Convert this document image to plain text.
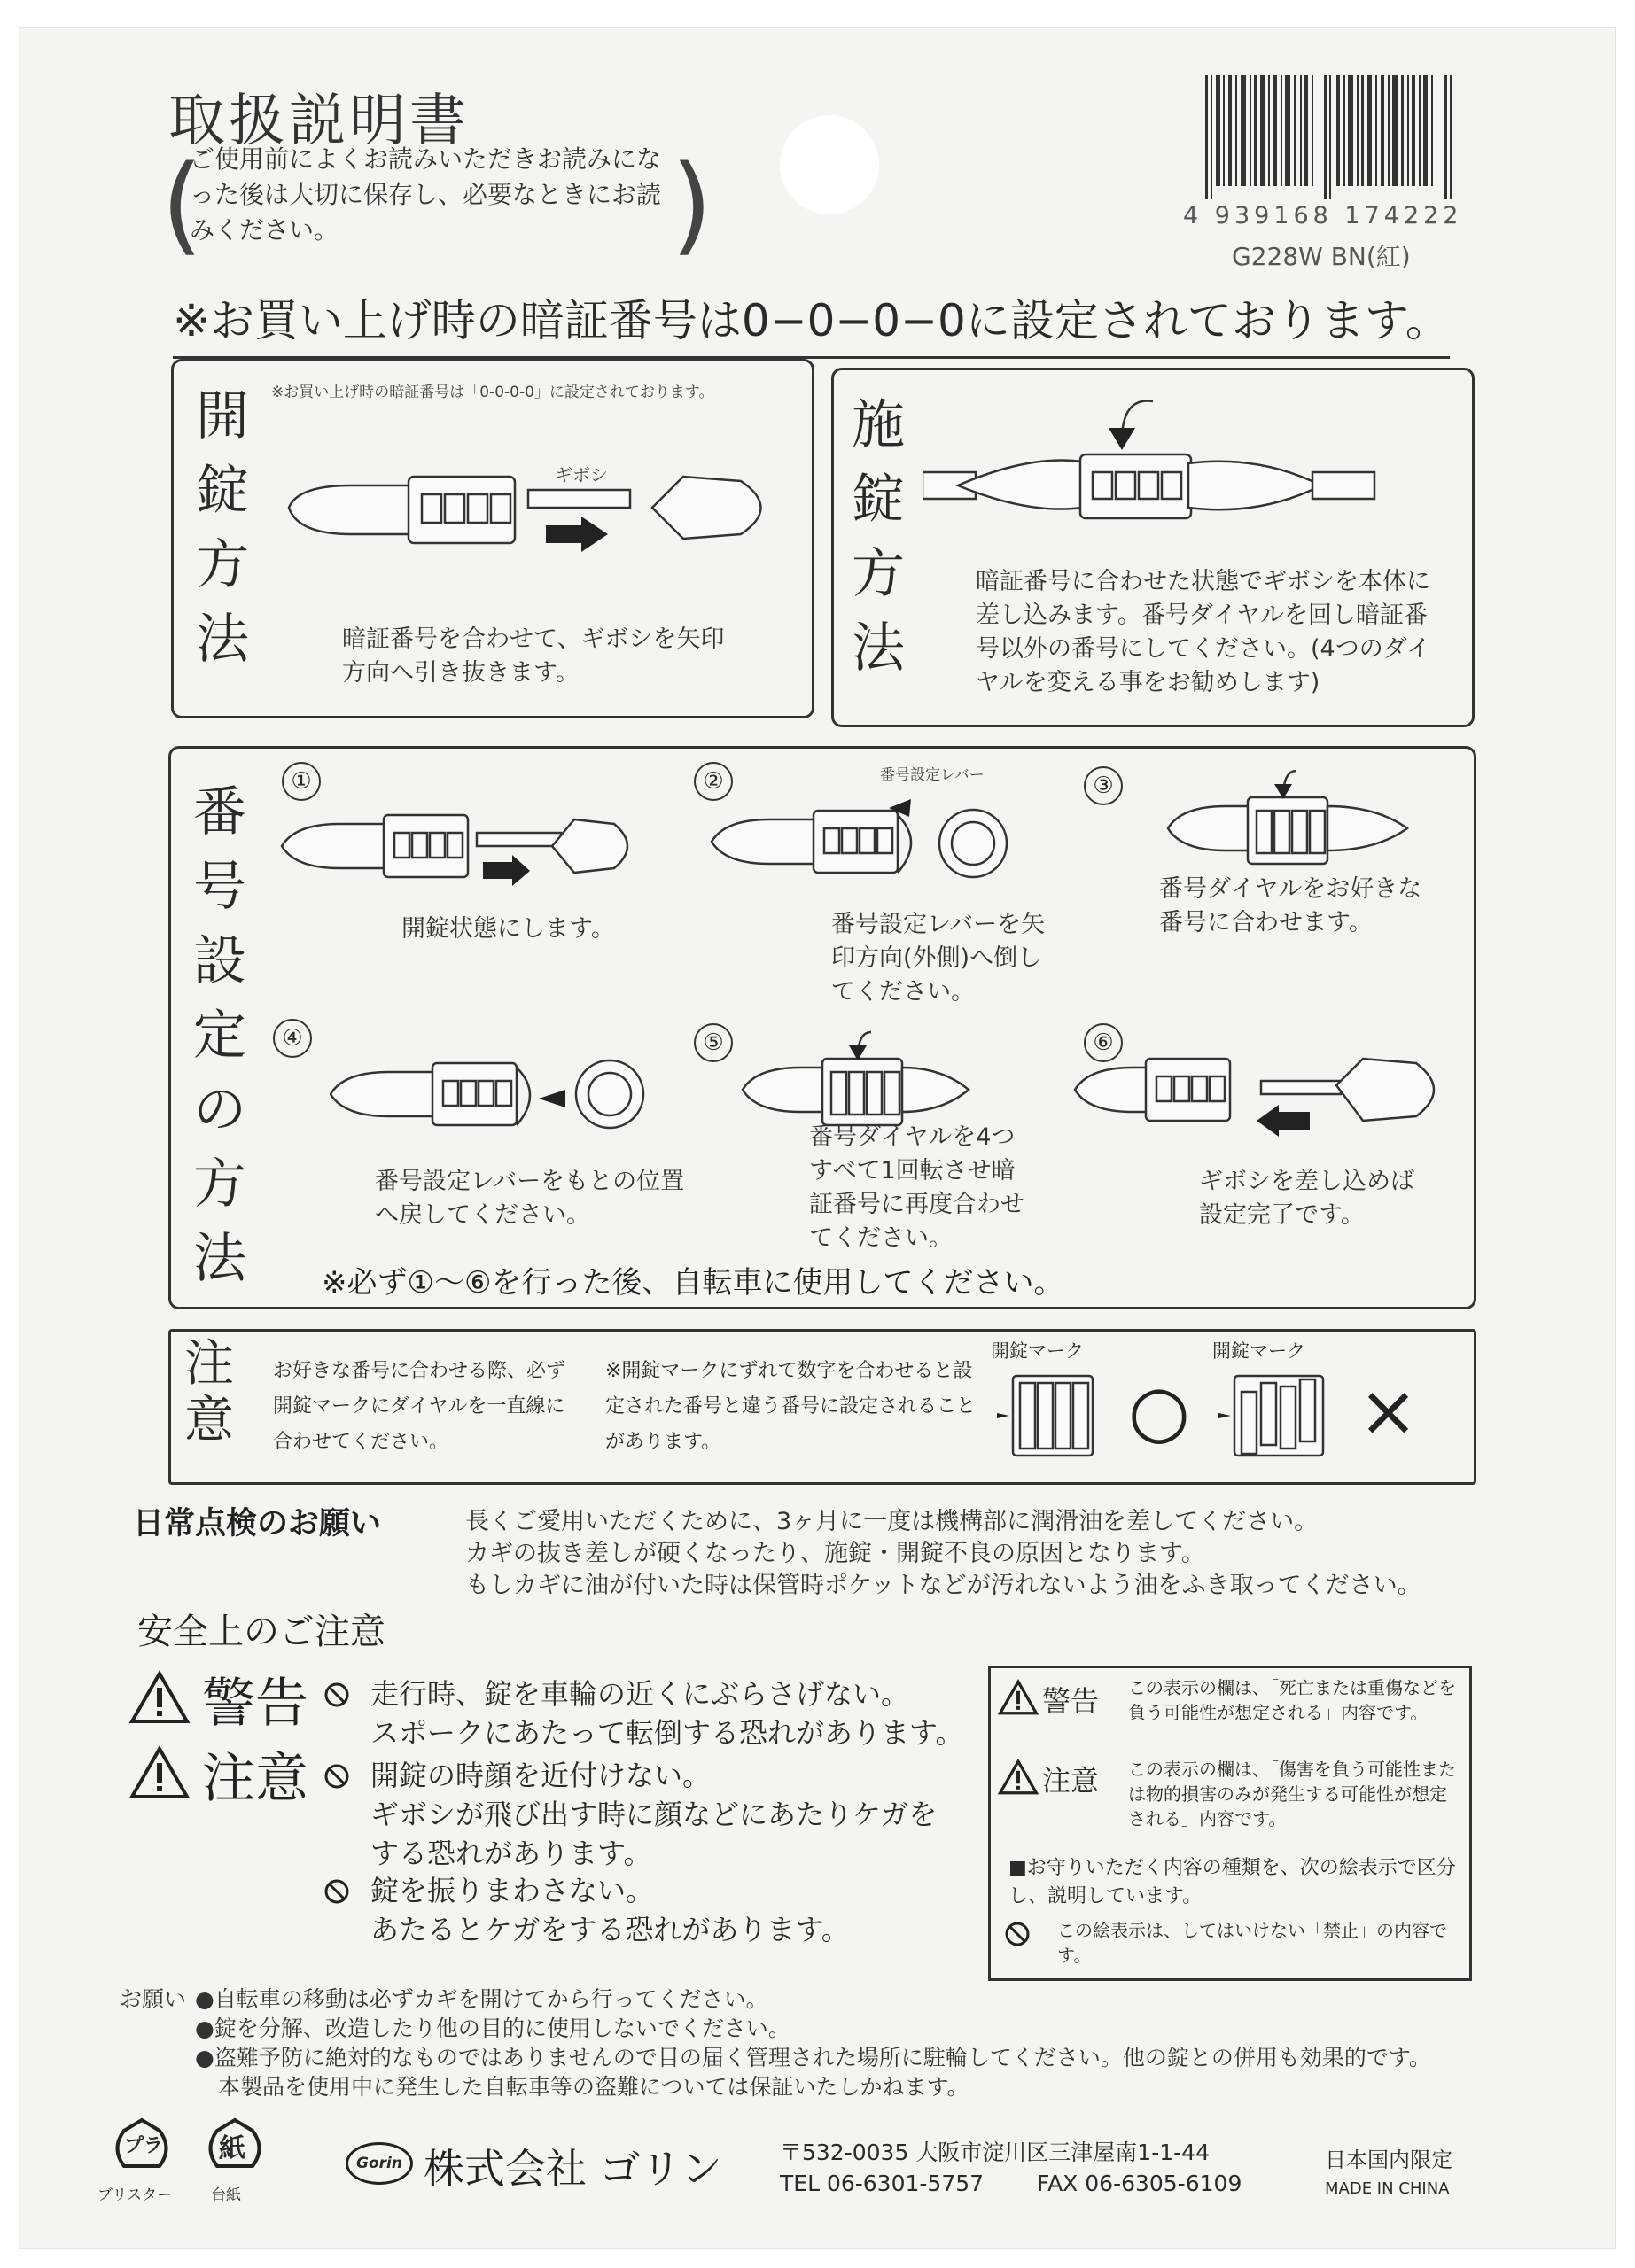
取扱説明書
(
ご使用前によくお読みいただきお読みになった後は大切に保存し、必要なときにお読みください。	)	4 939168 174222
G228W BN(紅)
※お買い上げ時の暗証番号は0−0−0−0に設定されております。
開錠方法
※お買い上げ時の暗証番号は「0-0-0-0」に設定されております。
ギボシ
暗証番号を合わせて、ギボシを矢印方向へ引き抜きます。
施錠方法
暗証番号に合わせた状態でギボシを本体に差し込みます。番号ダイヤルを回し暗証番号以外の番号にしてください。(4つのダイヤルを変える事をお勧めします)
番号設定の方法
①
開錠状態にします。
②	番号設定レバー
番号設定レバーを矢印方向(外側)へ倒してください。
③
番号ダイヤルをお好きな番号に合わせます。
④
番号設定レバーをもとの位置へ戻してください。
⑤
番号ダイヤルを4つすべて1回転させ暗証番号に再度合わせてください。
⑥
ギボシを差し込めば設定完了です。
※必ず①〜⑥を行った後、自転車に使用してください。
注意
お好きな番号に合わせる際、必ず開錠マークにダイヤルを一直線に合わせてください。
※開錠マークにずれて数字を合わせると設定された番号と違う番号に設定されることがあります。
開錠マーク
○
開錠マーク
×
日常点検のお願い	長くご愛用いただくために、3ヶ月に一度は機構部に潤滑油を差してください。
カギの抜き差しが硬くなったり、施錠・開錠不良の原因となります。
もしカギに油が付いた時は保管時ポケットなどが汚れないよう油をふき取ってください。
安全上のご注意
警告
注意
走行時、錠を車輪の近くにぶらさげない。
スポークにあたって転倒する恐れがあります。
開錠の時顔を近付けない。
ギボシが飛び出す時に顔などにあたりケガを
する恐れがあります。
錠を振りまわさない。
あたるとケガをする恐れがあります。
警告 この表示の欄は、「死亡または重傷などを負う可能性が想定される」内容です。
注意 この表示の欄は、「傷害を負う可能性または物的損害のみが発生する可能性が想定される」内容です。
■お守りいただく内容の種類を、次の絵表示で区分し、説明しています。
この絵表示は、してはいけない「禁止」の内容です。
お願い ●自転車の移動は必ずカギを開けてから行ってください。
●錠を分解、改造したり他の目的に使用しないでください。
●盗難予防に絶対的なものではありませんので目の届く管理された場所に駐輪してください。他の錠との併用も効果的です。
本製品を使用中に発生した自転車等の盗難については保証いたしかねます。
プラ
ブリスター
紙
台紙
Gorin 株式会社 ゴリン	〒532-0035 大阪市淀川区三津屋南1-1-44
TEL 06-6301-5757 FAX 06-6305-6109
日本国内限定
MADE IN CHINA
